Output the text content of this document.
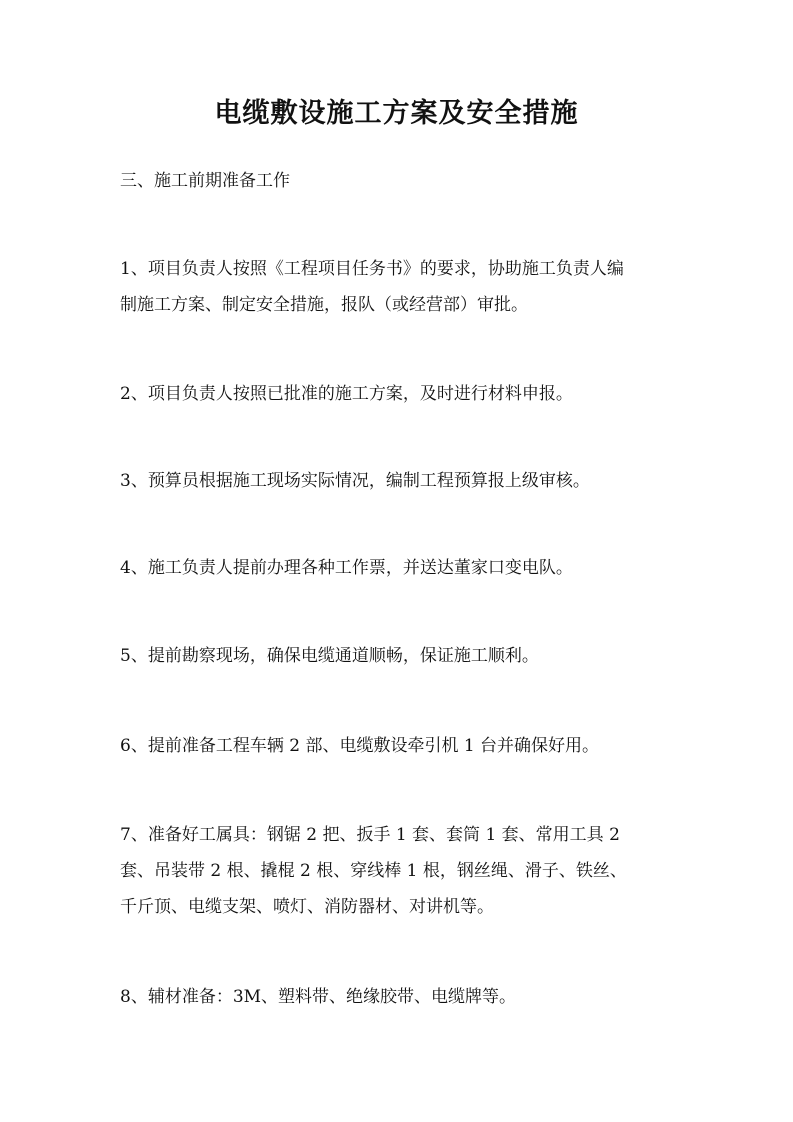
电缆敷设施工方案及安全措施
三、施工前期准备工作
1、项目负责人按照《工程项目任务书》的要求，协助施工负责人编
制施工方案、制定安全措施，报队（或经营部）审批。
2、项目负责人按照已批准的施工方案，及时进行材料申报。
3、预算员根据施工现场实际情况，编制工程预算报上级审核。
4、施工负责人提前办理各种工作票，并送达董家口变电队。
5、提前勘察现场，确保电缆通道顺畅，保证施工顺利。
6、提前准备工程车辆 2 部、电缆敷设牵引机 1 台并确保好用。
7、准备好工属具：钢锯 2 把、扳手 1 套、套筒 1 套、常用工具 2
套、吊装带 2 根、撬棍 2 根、穿线棒 1 根，钢丝绳、滑子、铁丝、
千斤顶、电缆支架、喷灯、消防器材、对讲机等。
8、辅材准备：3M、塑料带、绝缘胶带、电缆牌等。
